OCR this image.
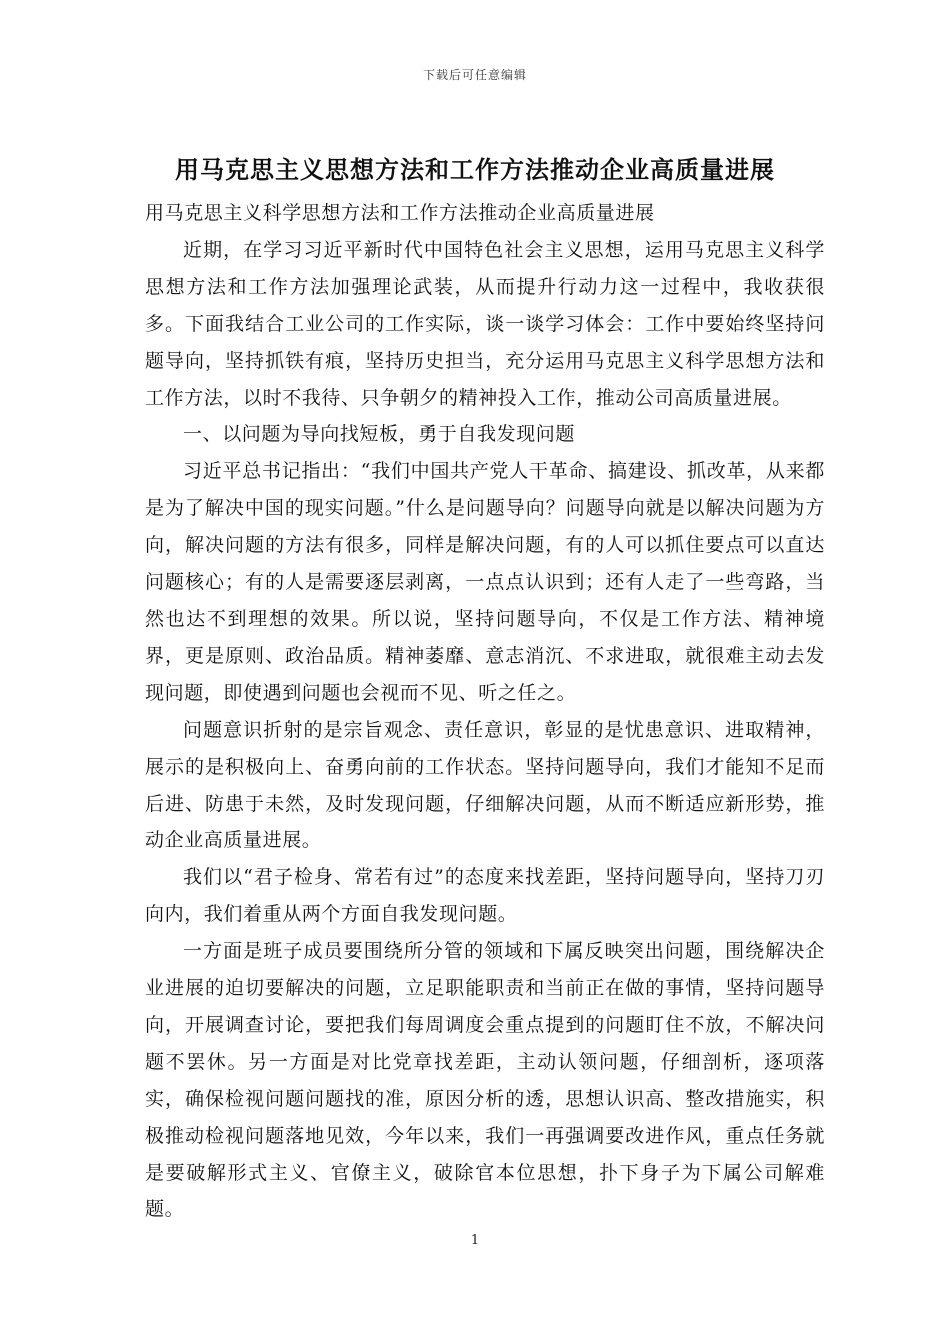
下载后可任意编辑
用马克思主义思想方法和工作方法推动企业高质量进展

用马克思主义科学思想方法和工作方法推动企业高质量进展

近期，在学习习近平新时代中国特色社会主义思想，运用马克思主义科学思想方法和工作方法加强理论武装，从而提升行动力这一过程中，我收获很多。下面我结合工业公司的工作实际，谈一谈学习体会：工作中要始终坚持问题导向，坚持抓铁有痕，坚持历史担当，充分运用马克思主义科学思想方法和工作方法，以时不我待、只争朝夕的精神投入工作，推动公司高质量进展。

一、以问题为导向找短板，勇于自我发现问题

习近平总书记指出：“我们中国共产党人干革命、搞建设、抓改革，从来都是为了解决中国的现实问题。”什么是问题导向？问题导向就是以解决问题为方向，解决问题的方法有很多，同样是解决问题，有的人可以抓住要点可以直达问题核心；有的人是需要逐层剥离，一点点认识到；还有人走了一些弯路，当然也达不到理想的效果。所以说，坚持问题导向，不仅是工作方法、精神境界，更是原则、政治品质。精神萎靡、意志消沉、不求进取，就很难主动去发现问题，即使遇到问题也会视而不见、听之任之。

问题意识折射的是宗旨观念、责任意识，彰显的是忧患意识、进取精神，展示的是积极向上、奋勇向前的工作状态。坚持问题导向，我们才能知不足而后进、防患于未然，及时发现问题，仔细解决问题，从而不断适应新形势，推动企业高质量进展。

我们以“君子检身、常若有过”的态度来找差距，坚持问题导向，坚持刀刃向内，我们着重从两个方面自我发现问题。

一方面是班子成员要围绕所分管的领域和下属反映突出问题，围绕解决企业进展的迫切要解决的问题，立足职能职责和当前正在做的事情，坚持问题导向，开展调查讨论，要把我们每周调度会重点提到的问题盯住不放，不解决问题不罢休。另一方面是对比党章找差距，主动认领问题，仔细剖析，逐项落实，确保检视问题问题找的准，原因分析的透，思想认识高、整改措施实，积极推动检视问题落地见效，今年以来，我们一再强调要改进作风，重点任务就是要破解形式主义、官僚主义，破除官本位思想，扑下身子为下属公司解难题。

1
